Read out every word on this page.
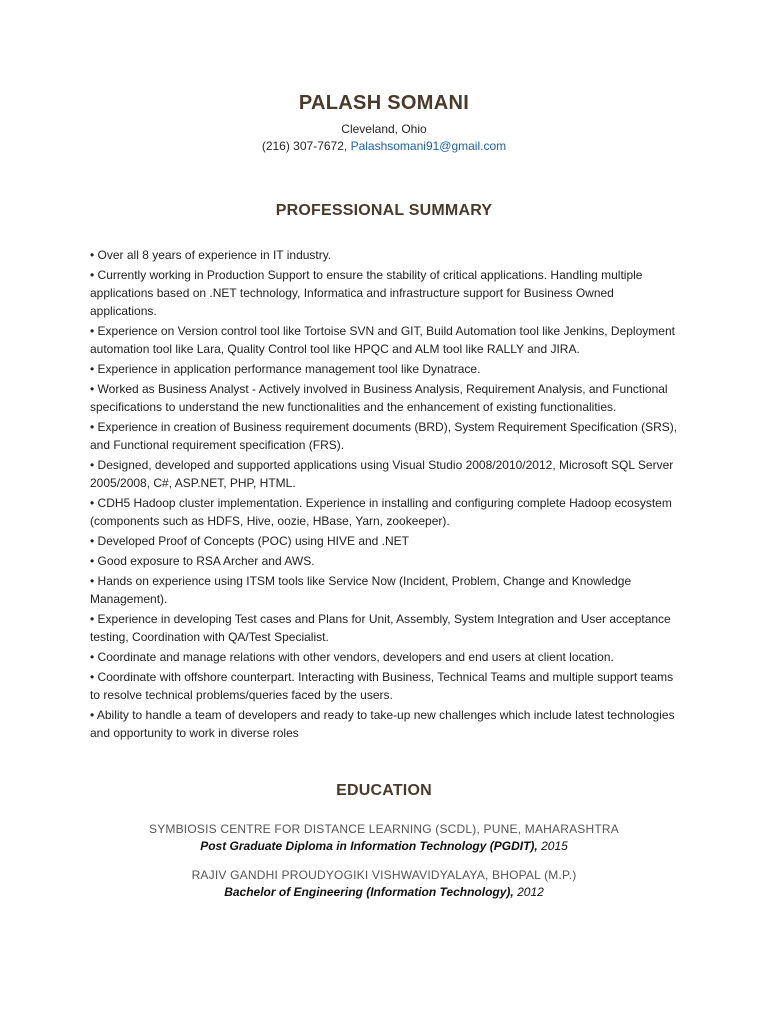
PALASH SOMANI
Cleveland, Ohio
(216) 307-7672, Palashsomani91@gmail.com
PROFESSIONAL SUMMARY
• Over all 8 years of experience in IT industry.
• Currently working in Production Support to ensure the stability of critical applications. Handling multiple applications based on .NET technology, Informatica and infrastructure support for Business Owned applications.
• Experience on Version control tool like Tortoise SVN and GIT, Build Automation tool like Jenkins, Deployment automation tool like Lara, Quality Control tool like HPQC and ALM tool like RALLY and JIRA.
• Experience in application performance management tool like Dynatrace.
• Worked as Business Analyst - Actively involved in Business Analysis, Requirement Analysis, and Functional specifications to understand the new functionalities and the enhancement of existing functionalities.
• Experience in creation of Business requirement documents (BRD), System Requirement Specification (SRS), and Functional requirement specification (FRS).
• Designed, developed and supported applications using Visual Studio 2008/2010/2012, Microsoft SQL Server 2005/2008, C#, ASP.NET, PHP, HTML.
• CDH5 Hadoop cluster implementation. Experience in installing and configuring complete Hadoop ecosystem (components such as HDFS, Hive, oozie, HBase, Yarn, zookeeper).
• Developed Proof of Concepts (POC) using HIVE and .NET
• Good exposure to RSA Archer and AWS.
• Hands on experience using ITSM tools like Service Now (Incident, Problem, Change and Knowledge Management).
• Experience in developing Test cases and Plans for Unit, Assembly, System Integration and User acceptance testing, Coordination with QA/Test Specialist.
• Coordinate and manage relations with other vendors, developers and end users at client location.
• Coordinate with offshore counterpart. Interacting with Business, Technical Teams and multiple support teams to resolve technical problems/queries faced by the users.
• Ability to handle a team of developers and ready to take-up new challenges which include latest technologies and opportunity to work in diverse roles
EDUCATION
SYMBIOSIS CENTRE FOR DISTANCE LEARNING (SCDL), PUNE, MAHARASHTRA
Post Graduate Diploma in Information Technology (PGDIT), 2015
RAJIV GANDHI PROUDYOGIKI VISHWAVIDYALAYA, BHOPAL (M.P.)
Bachelor of Engineering (Information Technology), 2012
